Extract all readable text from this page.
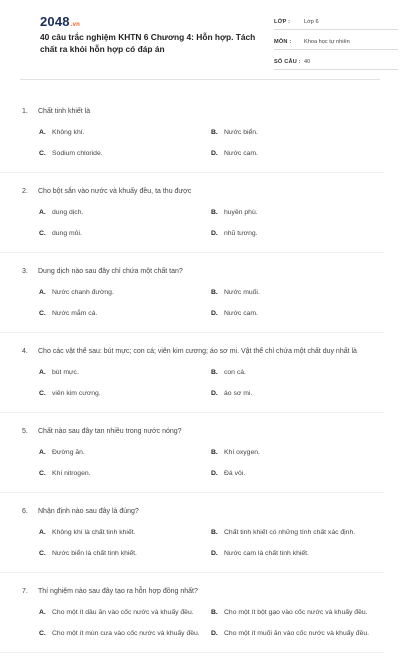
2048.vn
40 câu trắc nghiệm KHTN 6 Chương 4: Hỗn hợp. Tách chất ra khỏi hỗn hợp có đáp án
LỚP :	Lớp 6
MÔN :	Khoa học tự nhiên
SỐ CÂU : 40
1.	Chất tinh khiết là
A. Không khí.	B. Nước biển.
C. Sodium chloride.	D. Nước cam.
2.	Cho bột sắn vào nước và khuấy đều, ta thu được
A. dung dịch.	B. huyền phù.
C. dung môi.	D. nhũ tương.
3.	Dung dịch nào sau đây chỉ chứa một chất tan?
A. Nước chanh đường.	B. Nước muối.
C. Nước mắm cá.	D. Nước cam.
4.	Cho các vật thể sau: bút mực; con cá; viên kim cương; áo sơ mi. Vật thể chỉ chứa một chất duy nhất là
A. bút mực.	B. con cá.
C. viên kim cương.	D. áo sơ mi.
5.	Chất nào sau đây tan nhiều trong nước nóng?
A. Đường ăn.	B. Khí oxygen.
C. Khí nitrogen.	D. Đá vôi.
6.	Nhận định nào sau đây là đúng?
A. Không khí là chất tinh khiết.	B. Chất tinh khiết có những tính chất xác định.
C. Nước biển là chất tinh khiết.	D. Nước cam là chất tinh khiết.
7.	Thí nghiệm nào sau đây tạo ra hỗn hợp đồng nhất?
A. Cho một ít dầu ăn vào cốc nước và khuấy đều.	B. Cho một ít bột gạo vào cốc nước và khuấy đều.
C. Cho một ít mùn cưa vào cốc nước và khuấy đều. D. Cho một ít muối ăn vào cốc nước và khuấy đều.
